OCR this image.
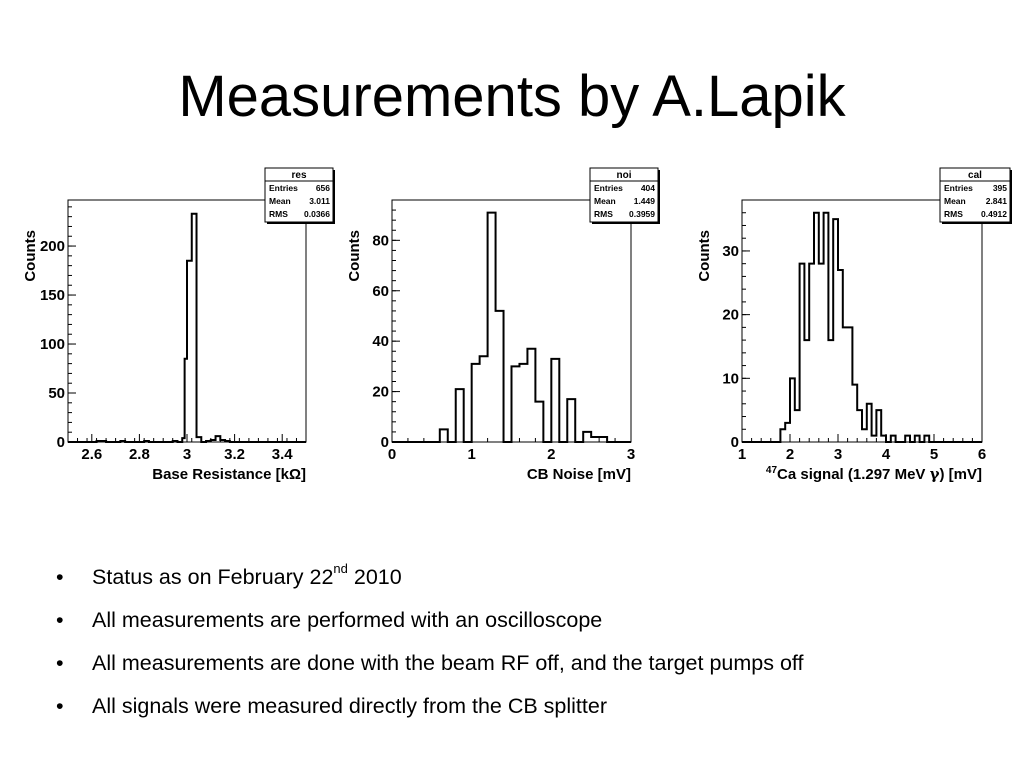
Measurements by A.Lapik
2.6 2.8 3 3.2 3.4
0
50
100
150
200
Counts
Base Resistance [kΩ]
res
Entries 656
Mean 3.011
RMS 0.0366
0	1	2	3
0
20
40
60
80
Counts
CB Noise [mV]
noi
Entries 404
Mean 1.449
RMS 0.3959
1	2	3	4	5	6
0
10
20
30
Counts
$^{47}$Ca signal (1.297 MeV γ) [mV]
cal
Entries 395
Mean 2.841
RMS 0.4912
•	Status as on February 22nd 2010
•	All measurements are performed with an oscilloscope
•	All measurements are done with the beam RF off, and the target pumps off
•	All signals were measured directly from the CB splitter
